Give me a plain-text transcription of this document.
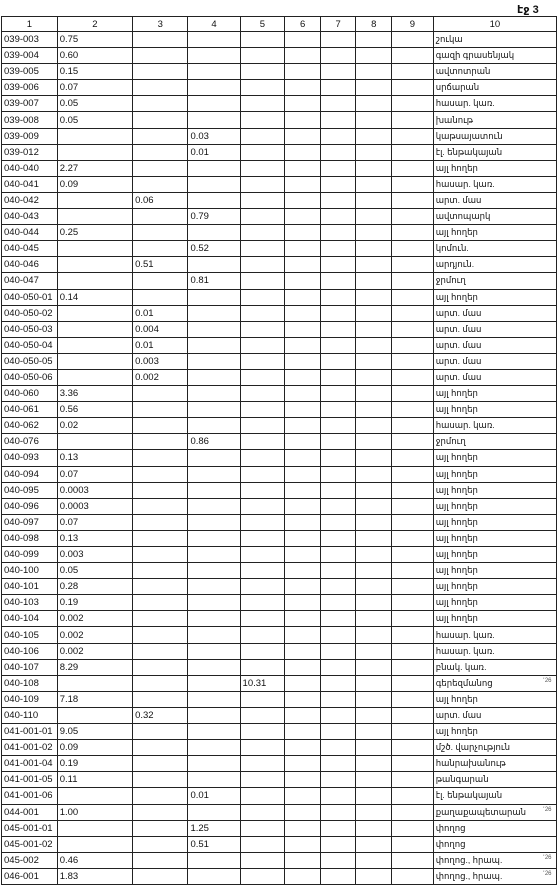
էջ 3
1	2	3	4	5	6	7	8	9	10
039-003	0.75								շուկա
039-004	0.60								գազի գրասենյակ
039-005	0.15								ավտոտրան
039-006	0.07								սրճարան
039-007	0.05								հասար. կառ.
039-008	0.05								խանութ
039-009			0.03						կաթսայատուն
039-012			0.01						էլ. ենթակայան
040-040	2.27								այլ հողեր
040-041	0.09								հասար. կառ.
040-042		0.06							արտ. մաս
040-043			0.79						ավտոպարկ
040-044	0.25								այլ հողեր
040-045			0.52						կոմուն.
040-046		0.51							արդյուն.
040-047			0.81						ջրմուղ
040-050-01	0.14								այլ հողեր
040-050-02		0.01							արտ. մաս
040-050-03		0.004							արտ. մաս
040-050-04		0.01							արտ. մաս
040-050-05		0.003							արտ. մաս
040-050-06		0.002							արտ. մաս
040-060	3.36								այլ հողեր
040-061	0.56								այլ հողեր
040-062	0.02								հասար. կառ.
040-076			0.86						ջրմուղ
040-093	0.13								այլ հողեր
040-094	0.07								այլ հողեր
040-095	0.0003								այլ հողեր
040-096	0.0003								այլ հողեր
040-097	0.07								այլ հողեր
040-098	0.13								այլ հողեր
040-099	0.003								այլ հողեր
040-100	0.05								այլ հողեր
040-101	0.28								այլ հողեր
040-103	0.19								այլ հողեր
040-104	0.002								այլ հողեր
040-105	0.002								հասար. կառ.
040-106	0.002								հասար. կառ.
040-107	8.29								բնակ. կառ.
040-108				10.31					գերեզմանոց
040-109	7.18								այլ հողեր
040-110		0.32							արտ. մաս
041-001-01	9.05								այլ հողեր
041-001-02	0.09								մշծ. վարչություն
041-001-04	0.19								հանրախանութ
041-001-05	0.11								թանգարան
041-001-06			0.01						էլ. ենթակայան
044-001	1.00								քաղաքապետարան
045-001-01			1.25						փողոց
045-001-02			0.51						փողոց
045-002	0.46								փողոց., հրապ.
046-001	1.83								փողոց., հրապ.
ՙ26
ՙ26
ՙ26
ՙ26
